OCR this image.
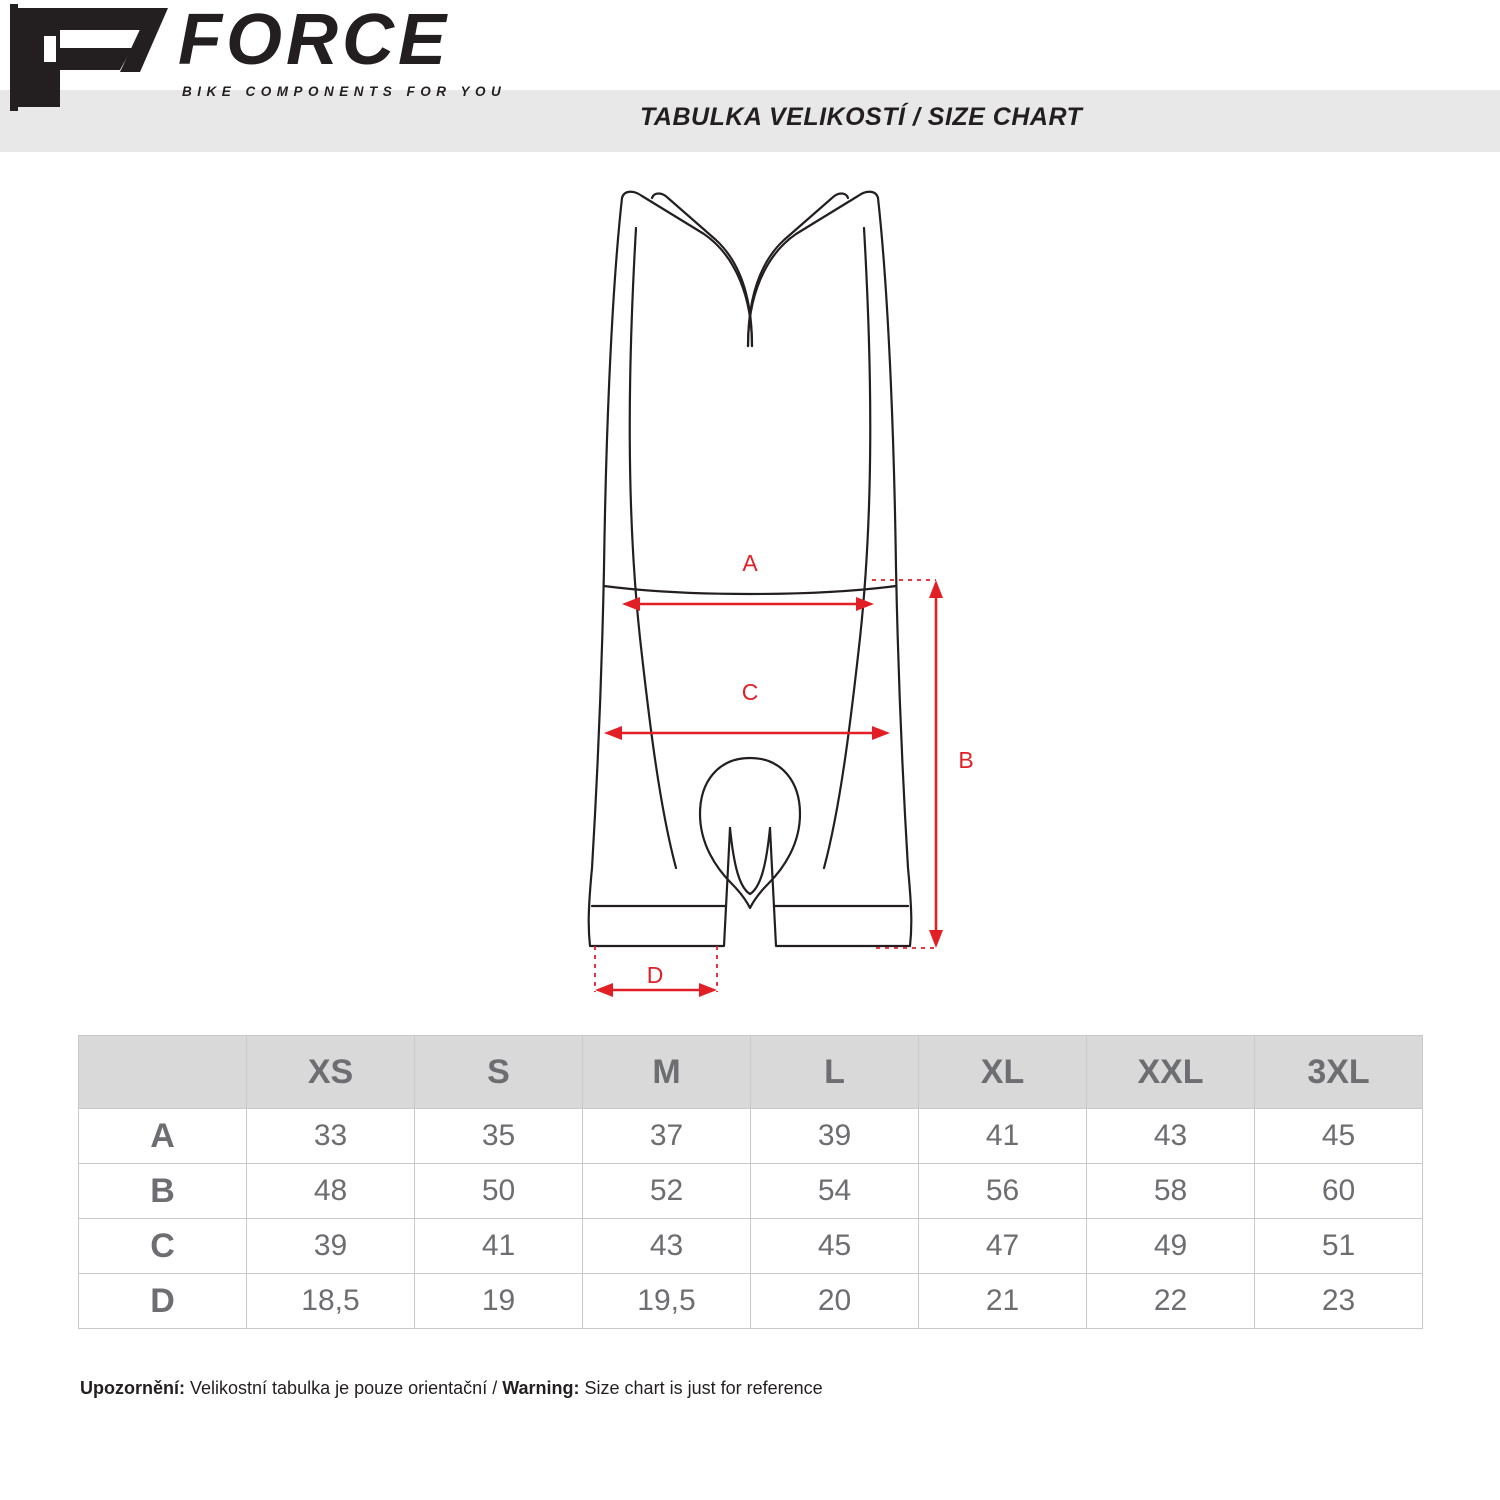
FORCE
BIKE COMPONENTS FOR YOU
TABULKA VELIKOSTÍ / SIZE CHART
A
C
B
D
	XS	S	M	L	XL	XXL	3XL
A	33	35	37	39	41	43	45
B	48	50	52	54	56	58	60
C	39	41	43	45	47	49	51
D	18,5	19	19,5	20	21	22	23
Upozornění: Velikostní tabulka je pouze orientační / Warning: Size chart is just for reference
